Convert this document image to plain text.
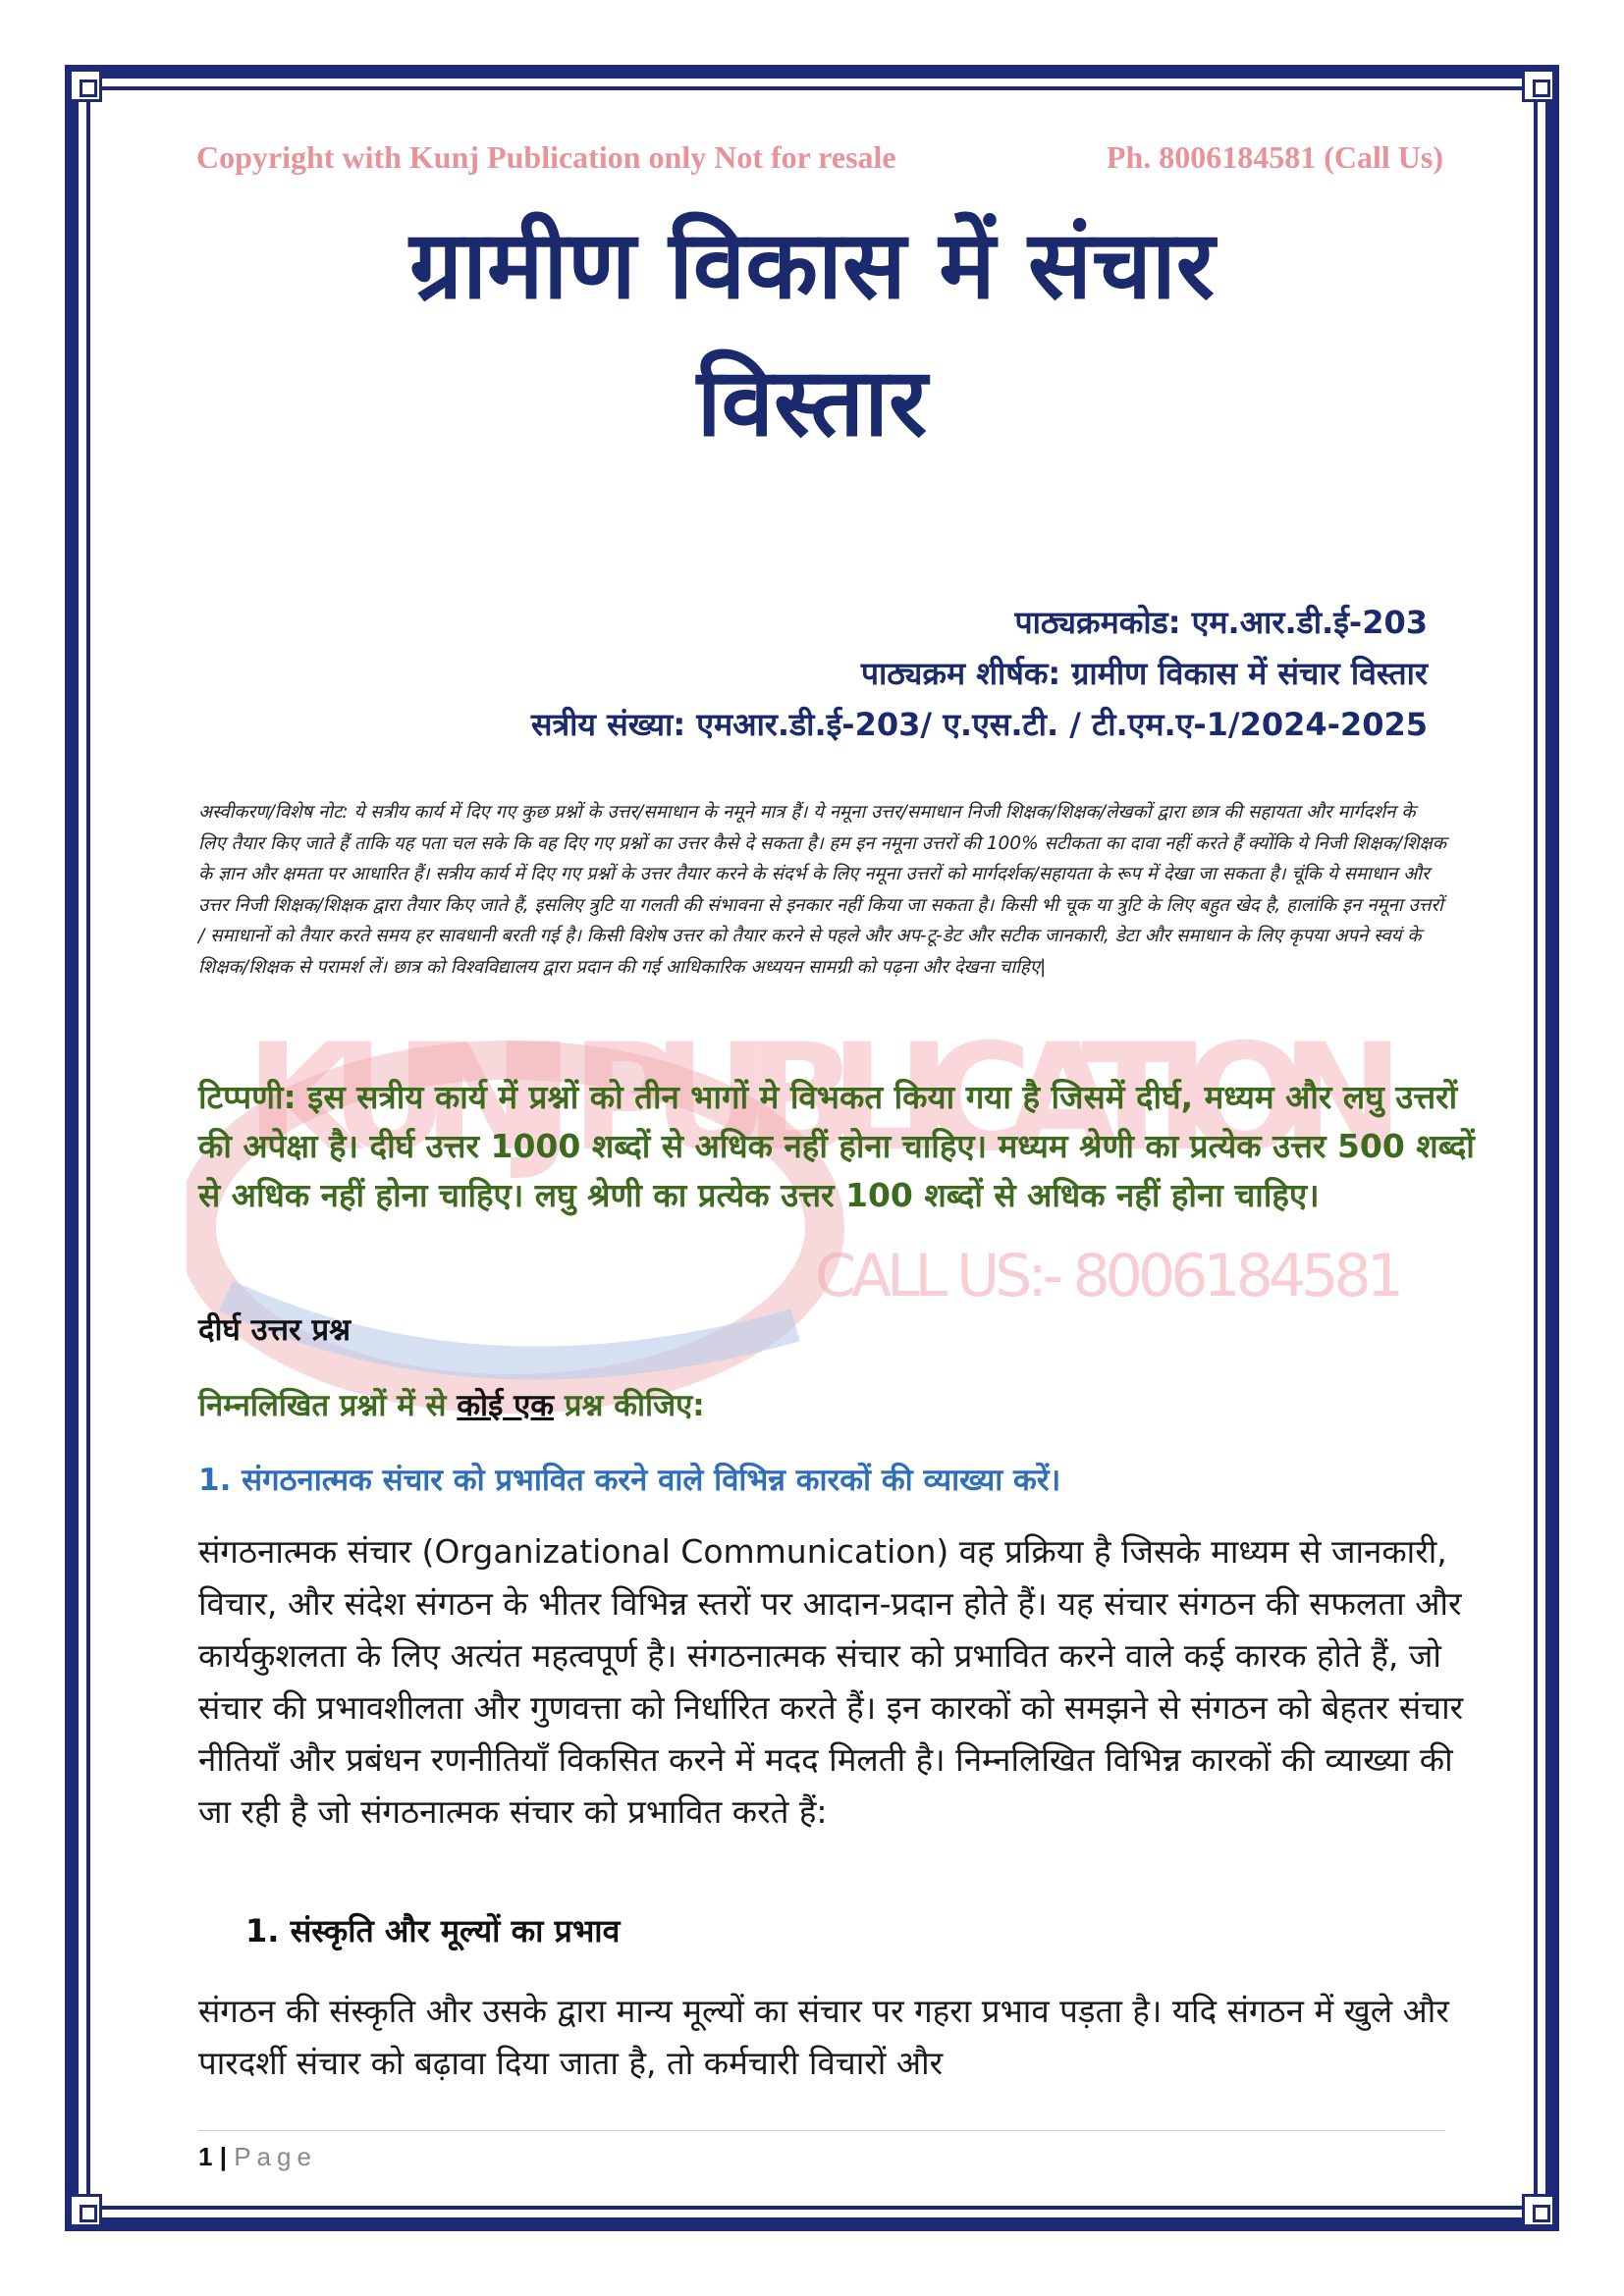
KUNJ PUBLICATION
CALL US:- 8006184581
Copyright with Kunj Publication only Not for resale	Ph. 8006184581 (Call Us)
ग्रामीण विकास में संचार
विस्तार
पाठ्यक्रमकोड: एम.आर.डी.ई-203
पाठ्यक्रम शीर्षक: ग्रामीण विकास में संचार विस्तार
सत्रीय संख्या: एमआर.डी.ई-203/ ए.एस.टी. / टी.एम.ए-1/2024-2025
अस्वीकरण/विशेष नोट: ये सत्रीय कार्य में दिए गए कुछ प्रश्नों के उत्तर/समाधान के नमूने मात्र हैं। ये नमूना उत्तर/समाधान निजी शिक्षक/शिक्षक/लेखकों द्वारा छात्र की सहायता और मार्गदर्शन के लिए तैयार किए जाते हैं ताकि यह पता चल सके कि वह दिए गए प्रश्नों का उत्तर कैसे दे सकता है। हम इन नमूना उत्तरों की 100% सटीकता का दावा नहीं करते हैं क्योंकि ये निजी शिक्षक/शिक्षक के ज्ञान और क्षमता पर आधारित हैं। सत्रीय कार्य में दिए गए प्रश्नों के उत्तर तैयार करने के संदर्भ के लिए नमूना उत्तरों को मार्गदर्शक/सहायता के रूप में देखा जा सकता है। चूंकि ये समाधान और उत्तर निजी शिक्षक/शिक्षक द्वारा तैयार किए जाते हैं, इसलिए त्रुटि या गलती की संभावना से इनकार नहीं किया जा सकता है। किसी भी चूक या त्रुटि के लिए बहुत खेद है, हालांकि इन नमूना उत्तरों / समाधानों को तैयार करते समय हर सावधानी बरती गई है। किसी विशेष उत्तर को तैयार करने से पहले और अप-टू-डेट और सटीक जानकारी, डेटा और समाधान के लिए कृपया अपने स्वयं के शिक्षक/शिक्षक से परामर्श लें। छात्र को विश्वविद्यालय द्वारा प्रदान की गई आधिकारिक अध्ययन सामग्री को पढ़ना और देखना चाहिए|
टिप्पणी: इस सत्रीय कार्य में प्रश्नों को तीन भागों मे विभकत किया गया है जिसमें दीर्घ, मध्यम और लघु उत्तरों की अपेक्षा है। दीर्घ उत्तर 1000 शब्दों से अधिक नहीं होना चाहिए। मध्यम श्रेणी का प्रत्येक उत्तर 500 शब्दों से अधिक नहीं होना चाहिए। लघु श्रेणी का प्रत्येक उत्तर 100 शब्दों से अधिक नहीं होना चाहिए।
दीर्घ उत्तर प्रश्न
निम्नलिखित प्रश्नों में से कोई एक प्रश्न कीजिए:
1. संगठनात्मक संचार को प्रभावित करने वाले विभिन्न कारकों की व्याख्या करें।
संगठनात्मक संचार (Organizational Communication) वह प्रक्रिया है जिसके माध्यम से जानकारी, विचार, और संदेश संगठन के भीतर विभिन्न स्तरों पर आदान-प्रदान होते हैं। यह संचार संगठन की सफलता और कार्यकुशलता के लिए अत्यंत महत्वपूर्ण है। संगठनात्मक संचार को प्रभावित करने वाले कई कारक होते हैं, जो संचार की प्रभावशीलता और गुणवत्ता को निर्धारित करते हैं। इन कारकों को समझने से संगठन को बेहतर संचार नीतियाँ और प्रबंधन रणनीतियाँ विकसित करने में मदद मिलती है। निम्नलिखित विभिन्न कारकों की व्याख्या की जा रही है जो संगठनात्मक संचार को प्रभावित करते हैं:
1. संस्कृति और मूल्यों का प्रभाव
संगठन की संस्कृति और उसके द्वारा मान्य मूल्यों का संचार पर गहरा प्रभाव पड़ता है। यदि संगठन में खुले और पारदर्शी संचार को बढ़ावा दिया जाता है, तो कर्मचारी विचारों और
1 | Page
